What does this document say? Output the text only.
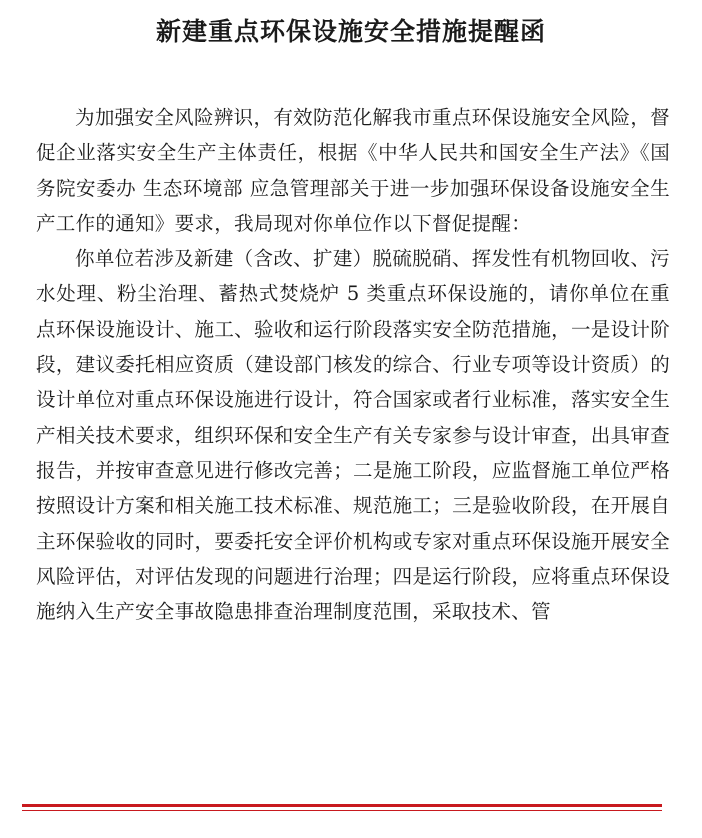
新建重点环保设施安全措施提醒函

为加强安全风险辨识，有效防范化解我市重点环保设施安全风险，督促企业落实安全生产主体责任，根据《中华人民共和国安全生产法》《国务院安委办 生态环境部 应急管理部关于进一步加强环保设备设施安全生产工作的通知》要求，我局现对你单位作以下督促提醒：

你单位若涉及新建（含改、扩建）脱硫脱硝、挥发性有机物回收、污水处理、粉尘治理、蓄热式焚烧炉 5 类重点环保设施的，请你单位在重点环保设施设计、施工、验收和运行阶段落实安全防范措施，一是设计阶段，建议委托相应资质（建设部门核发的综合、行业专项等设计资质）的设计单位对重点环保设施进行设计，符合国家或者行业标准，落实安全生产相关技术要求，组织环保和安全生产有关专家参与设计审查，出具审查报告，并按审查意见进行修改完善；二是施工阶段，应监督施工单位严格按照设计方案和相关施工技术标准、规范施工；三是验收阶段，在开展自主环保验收的同时，要委托安全评价机构或专家对重点环保设施开展安全风险评估，对评估发现的问题进行治理；四是运行阶段，应将重点环保设施纳入生产安全事故隐患排查治理制度范围，采取技术、管
